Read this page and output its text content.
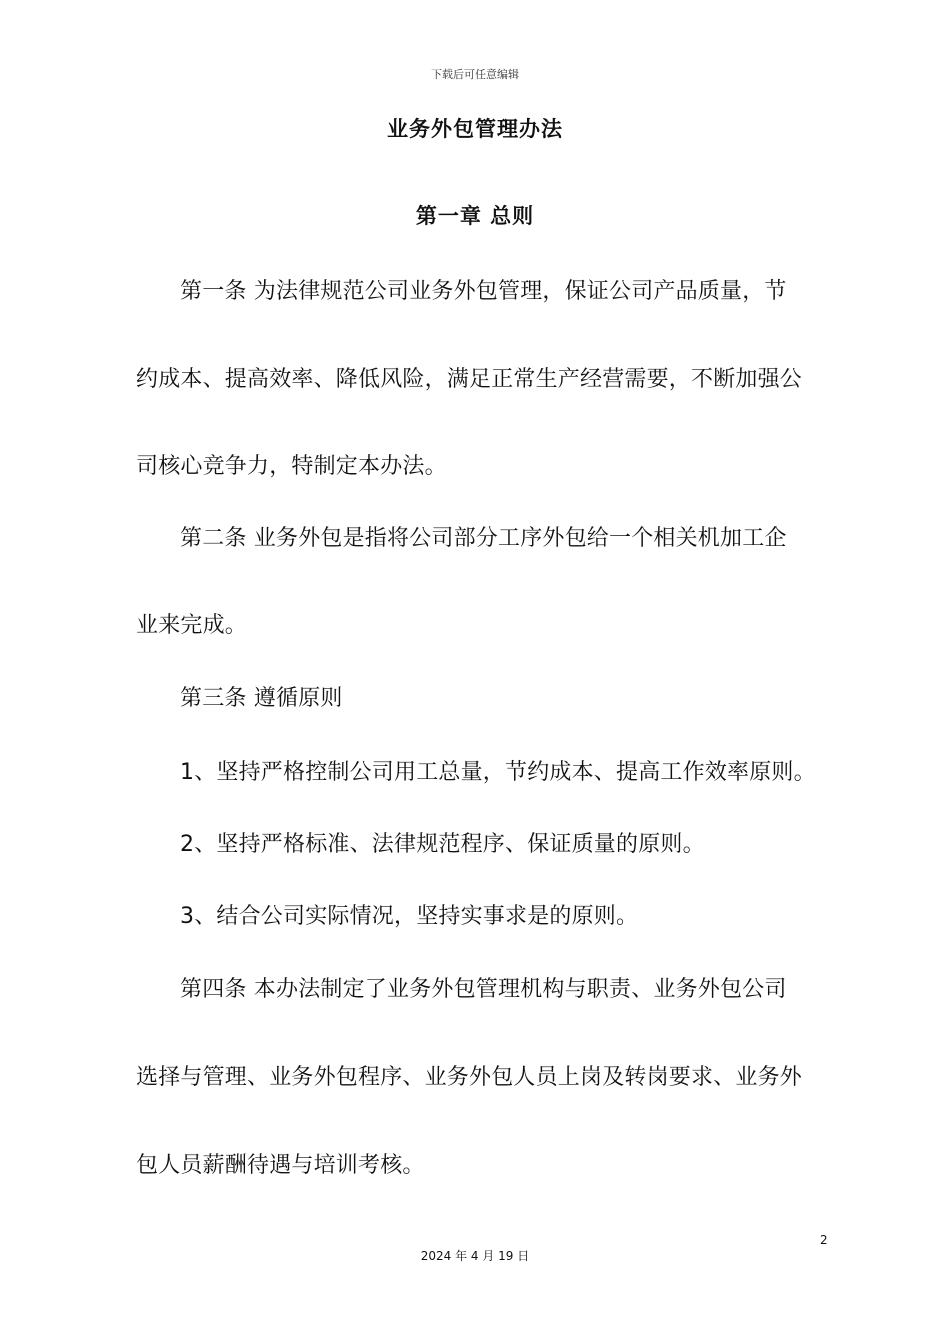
下载后可任意编辑
业务外包管理办法
第一章 总则
第一条 为法律规范公司业务外包管理，保证公司产品质量，节
约成本、提高效率、降低风险，满足正常生产经营需要，不断加强公
司核心竞争力，特制定本办法。
第二条 业务外包是指将公司部分工序外包给一个相关机加工企
业来完成。
第三条 遵循原则
1、坚持严格控制公司用工总量，节约成本、提高工作效率原则。
2、坚持严格标准、法律规范程序、保证质量的原则。
3、结合公司实际情况，坚持实事求是的原则。
第四条 本办法制定了业务外包管理机构与职责、业务外包公司
选择与管理、业务外包程序、业务外包人员上岗及转岗要求、业务外
包人员薪酬待遇与培训考核。
2
2024 年 4 月 19 日
